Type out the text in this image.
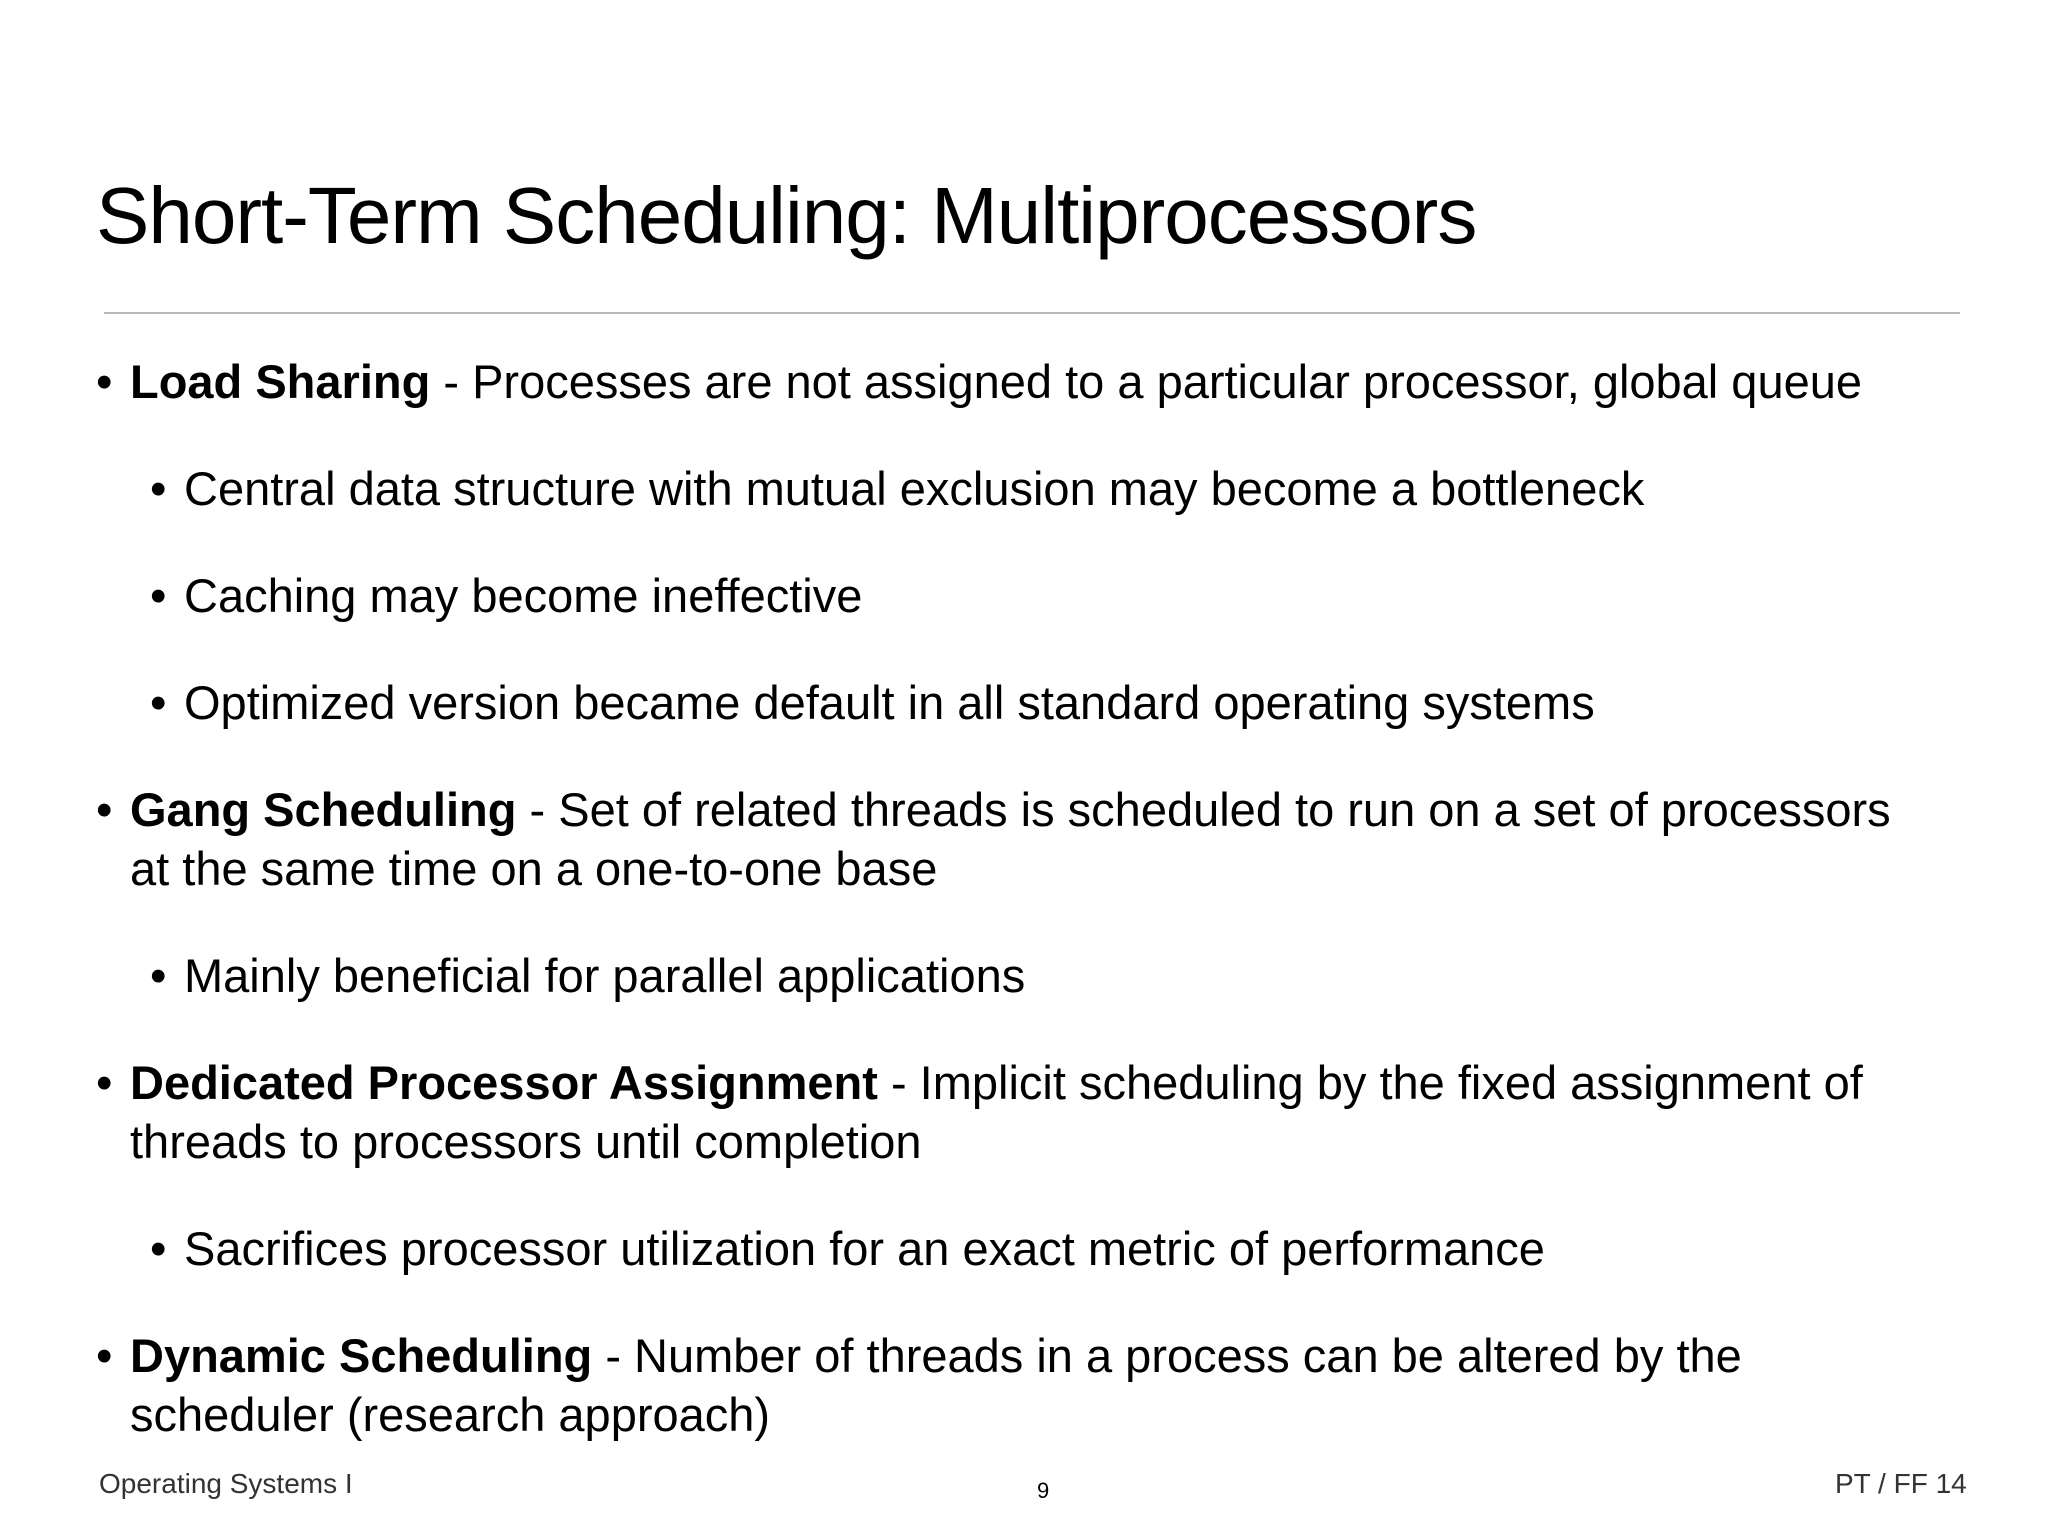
Short-Term Scheduling: Multiprocessors
• Load Sharing - Processes are not assigned to a particular processor, global queue
• Central data structure with mutual exclusion may become a bottleneck
• Caching may become ineffective
• Optimized version became default in all standard operating systems
• Gang Scheduling - Set of related threads is scheduled to run on a set of processors
at the same time on a one-to-one base
• Mainly beneficial for parallel applications
• Dedicated Processor Assignment - Implicit scheduling by the fixed assignment of
threads to processors until completion
• Sacrifices processor utilization for an exact metric of performance
• Dynamic Scheduling - Number of threads in a process can be altered by the
scheduler (research approach)
Operating Systems I	9	PT / FF 14
